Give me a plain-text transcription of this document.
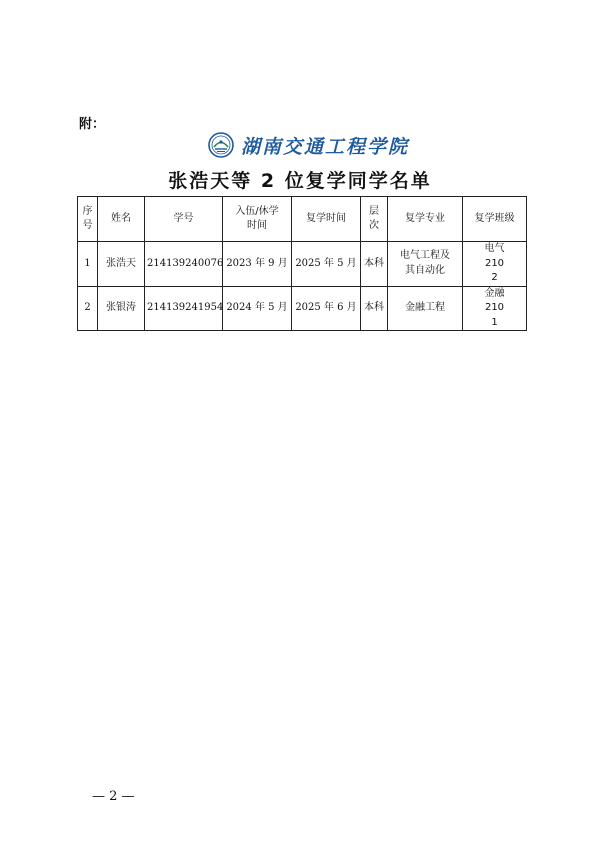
附：
湖南交通工程学院
张浩天等 2 位复学同学名单
序号	姓名	学号	入伍/休学时间	复学时间	层次	复学专业	复学班级
1	张浩天	214139240076	2023 年 9 月	2025 年 5 月	本科	电气工程及其自动化	电气2102
2	张银涛	214139241954	2024 年 5 月	2025 年 6 月	本科	金融工程	金融2101
— 2 —
